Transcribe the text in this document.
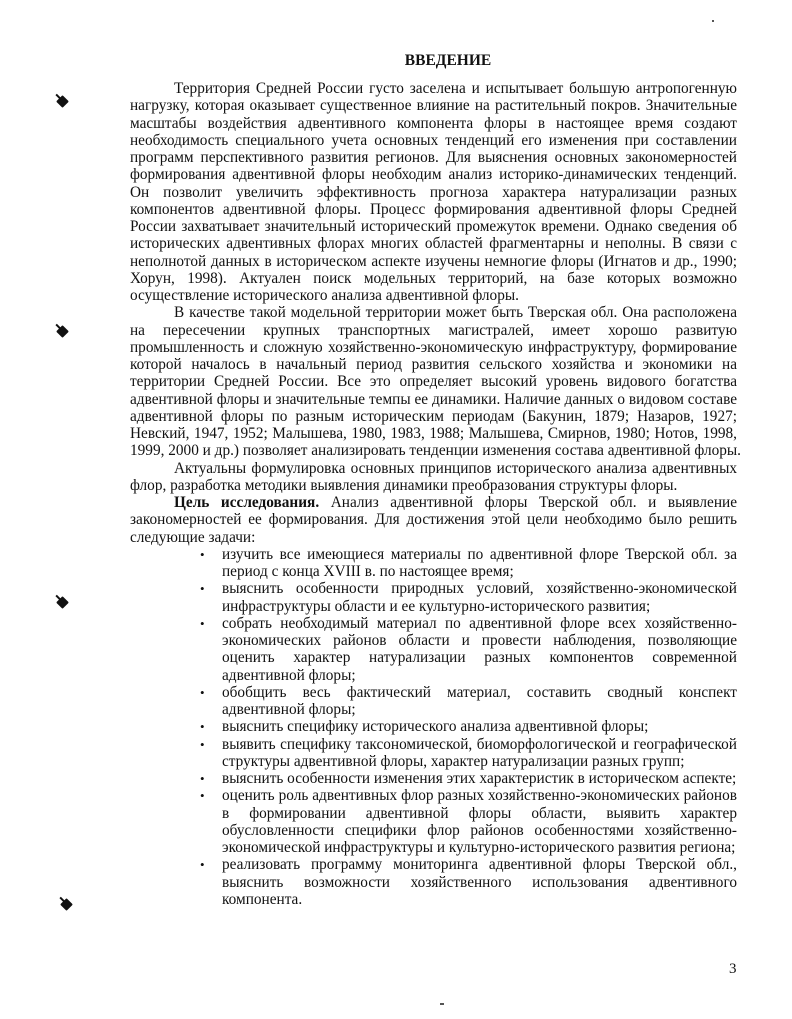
ВВЕДЕНИЕ
Территория Средней России густо заселена и испытывает большую антропогенную
нагрузку, которая оказывает существенное влияние на растительный покров. Значительные
масштабы воздействия адвентивного компонента флоры в настоящее время создают
необходимость специального учета основных тенденций его изменения при составлении
программ перспективного развития регионов. Для выяснения основных закономерностей
формирования адвентивной флоры необходим анализ историко-динамических тенденций.
Он позволит увеличить эффективность прогноза характера натурализации разных
компонентов адвентивной флоры. Процесс формирования адвентивной флоры Средней
России захватывает значительный исторический промежуток времени. Однако сведения об
исторических адвентивных флорах многих областей фрагментарны и неполны. В связи с
неполнотой данных в историческом аспекте изучены немногие флоры (Игнатов и др., 1990;
Хорун, 1998). Актуален поиск модельных территорий, на базе которых возможно
осуществление исторического анализа адвентивной флоры.
В качестве такой модельной территории может быть Тверская обл. Она расположена
на пересечении крупных транспортных магистралей, имеет хорошо развитую
промышленность и сложную хозяйственно-экономическую инфраструктуру, формирование
которой началось в начальный период развития сельского хозяйства и экономики на
территории Средней России. Все это определяет высокий уровень видового богатства
адвентивной флоры и значительные темпы ее динамики. Наличие данных о видовом составе
адвентивной флоры по разным историческим периодам (Бакунин, 1879; Назаров, 1927;
Невский, 1947, 1952; Малышева, 1980, 1983, 1988; Малышева, Смирнов, 1980; Нотов, 1998,
1999, 2000 и др.) позволяет анализировать тенденции изменения состава адвентивной флоры.
Актуальны формулировка основных принципов исторического анализа адвентивных
флор, разработка методики выявления динамики преобразования структуры флоры.
Цель исследования. Анализ адвентивной флоры Тверской обл. и выявление
закономерностей ее формирования. Для достижения этой цели необходимо было решить
следующие задачи:
• изучить все имеющиеся материалы по адвентивной флоре Тверской обл. за
период с конца XVIII в. по настоящее время;
• выяснить особенности природных условий, хозяйственно-экономической
инфраструктуры области и ее культурно-исторического развития;
• собрать необходимый материал по адвентивной флоре всех хозяйственно-
экономических районов области и провести наблюдения, позволяющие
оценить характер натурализации разных компонентов современной
адвентивной флоры;
• обобщить весь фактический материал, составить сводный конспект
адвентивной флоры;
• выяснить специфику исторического анализа адвентивной флоры;
• выявить специфику таксономической, биоморфологической и географической
структуры адвентивной флоры, характер натурализации разных групп;
• выяснить особенности изменения этих характеристик в историческом аспекте;
• оценить роль адвентивных флор разных хозяйственно-экономических районов
в формировании адвентивной флоры области, выявить характер
обусловленности специфики флор районов особенностями хозяйственно-
экономической инфраструктуры и культурно-исторического развития региона;
• реализовать программу мониторинга адвентивной флоры Тверской обл.,
выяснить возможности хозяйственного использования адвентивного
компонента.
3
